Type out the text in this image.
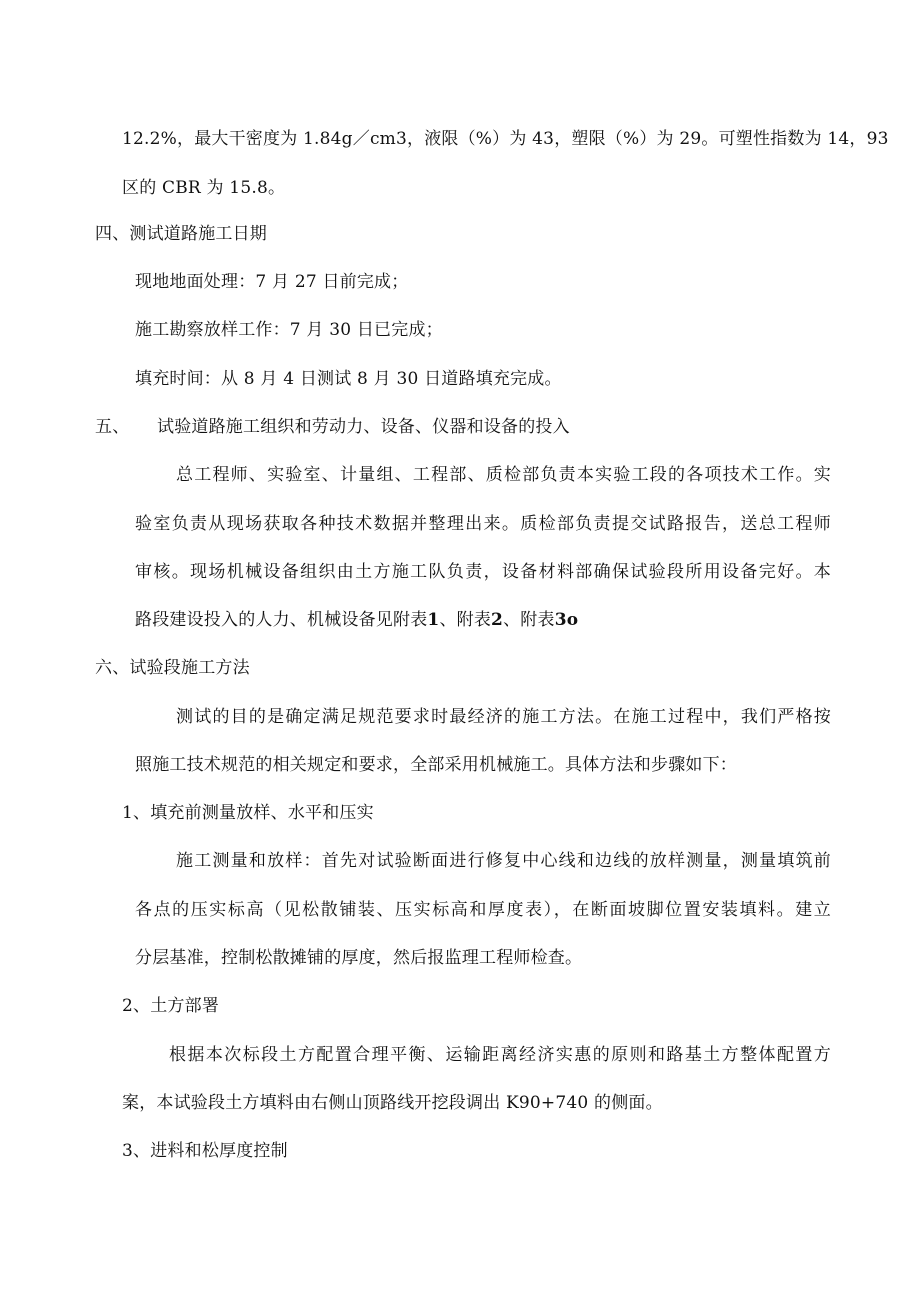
12.2%，最大干密度为 1.84g／cm3，液限（%）为 43，塑限（%）为 29。可塑性指数为 14，93
区的 CBR 为 15.8。
四、测试道路施工日期
现地地面处理：7 月 27 日前完成；
施工勘察放样工作：7 月 30 日已完成；
填充时间：从 8 月 4 日测试 8 月 30 日道路填充完成。
五、 试验道路施工组织和劳动力、设备、仪器和设备的投入
总工程师、实验室、计量组、工程部、质检部负责本实验工段的各项技术工作。实
验室负责从现场获取各种技术数据并整理出来。质检部负责提交试路报告，送总工程师
审核。现场机械设备组织由土方施工队负责，设备材料部确保试验段所用设备完好。本
路段建设投入的人力、机械设备见附表1、附表2、附表3o
六、试验段施工方法
测试的目的是确定满足规范要求时最经济的施工方法。在施工过程中，我们严格按
照施工技术规范的相关规定和要求，全部采用机械施工。具体方法和步骤如下：
1、填充前测量放样、水平和压实
施工测量和放样：首先对试验断面进行修复中心线和边线的放样测量，测量填筑前
各点的压实标高（见松散铺装、压实标高和厚度表），在断面坡脚位置安装填料。建立
分层基准，控制松散摊铺的厚度，然后报监理工程师检查。
2、土方部署
根据本次标段土方配置合理平衡、运输距离经济实惠的原则和路基土方整体配置方
案，本试验段土方填料由右侧山顶路线开挖段调出 K90+740 的侧面。
3、进料和松厚度控制
